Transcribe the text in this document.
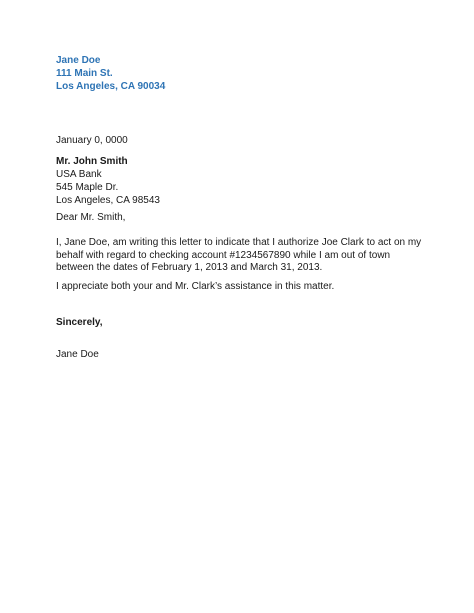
Jane Doe
111 Main St.
Los Angeles, CA 90034
January 0, 0000
Mr. John Smith
USA Bank
545 Maple Dr.
Los Angeles, CA 98543
Dear Mr. Smith,
I, Jane Doe, am writing this letter to indicate that I authorize Joe Clark to act on my behalf with regard to checking account #1234567890 while I am out of town between the dates of February 1, 2013 and March 31, 2013.
I appreciate both your and Mr. Clark’s assistance in this matter.
Sincerely,
Jane Doe
